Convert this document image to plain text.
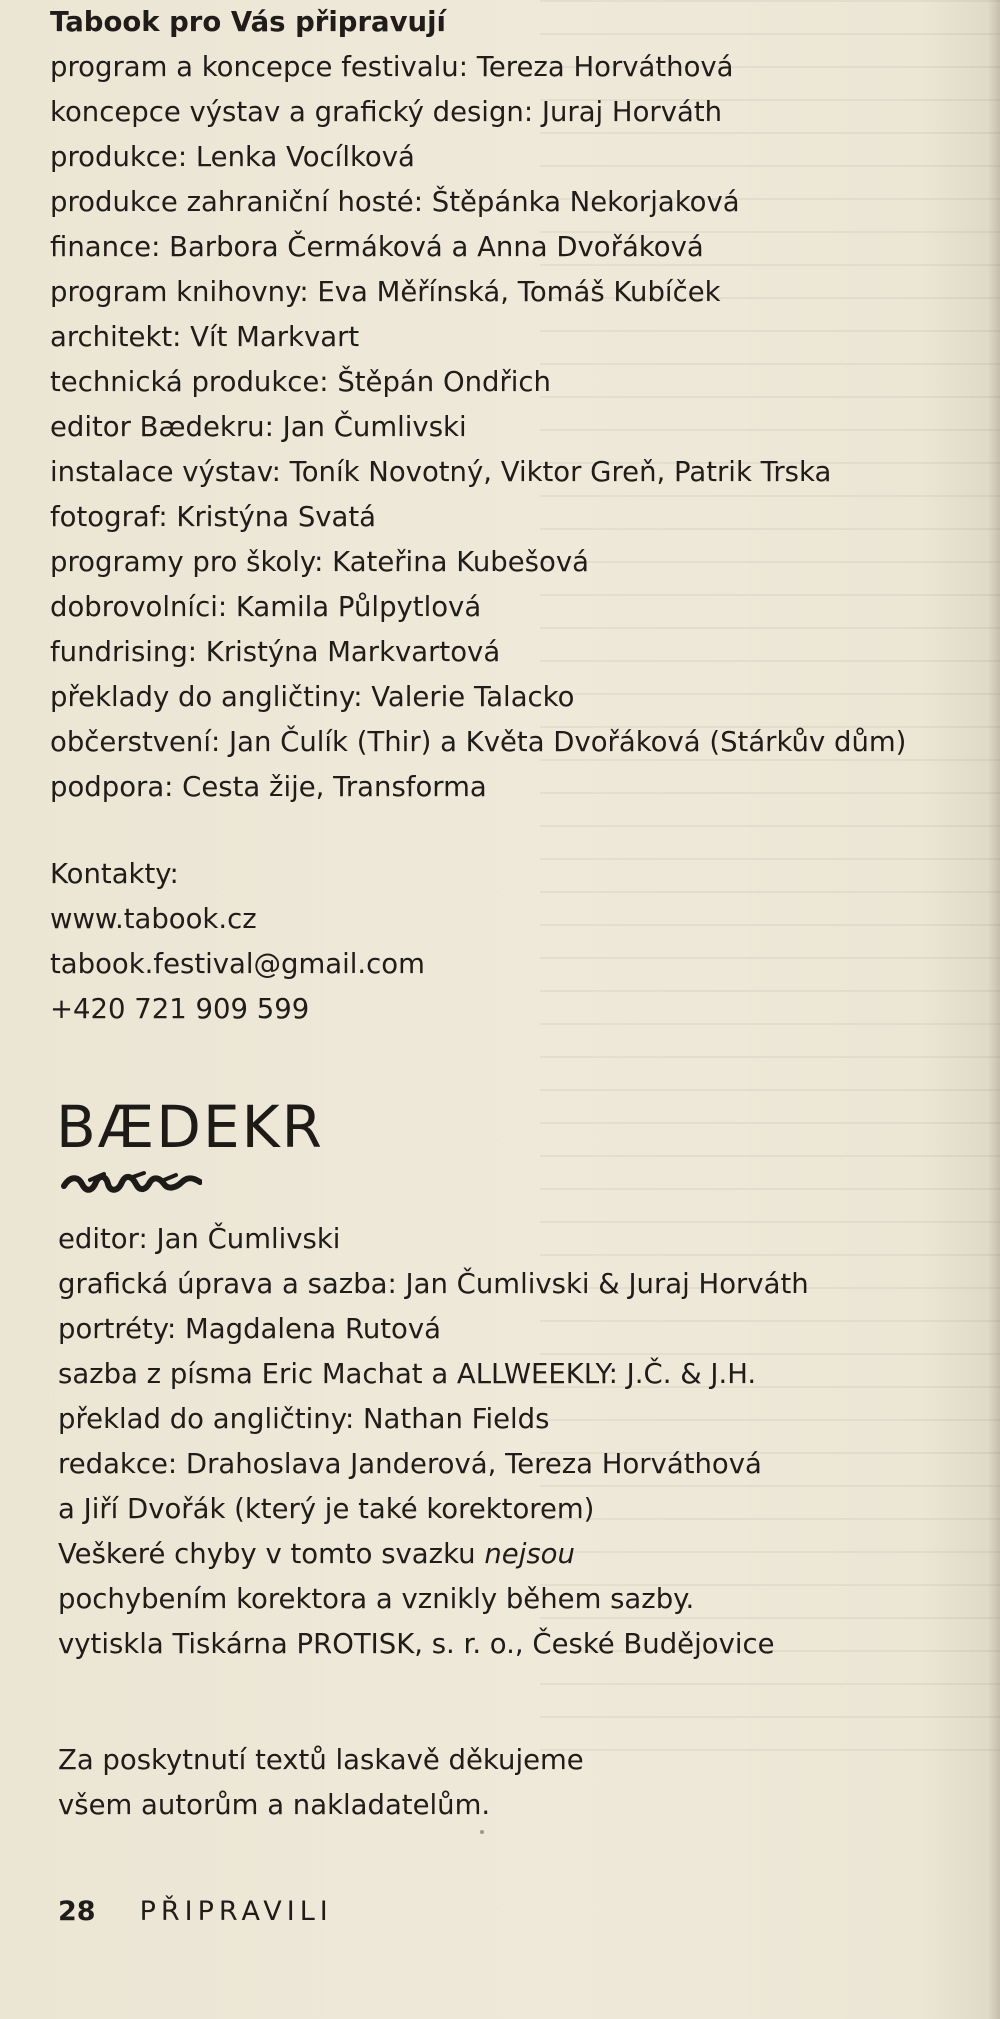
Tabook pro Vás připravují
program a koncepce festivalu: Tereza Horváthová
koncepce výstav a grafický design: Juraj Horváth
produkce: Lenka Vocílková
produkce zahraniční hosté: Štěpánka Nekorjaková
finance: Barbora Čermáková a Anna Dvořáková
program knihovny: Eva Měřínská, Tomáš Kubíček
architekt: Vít Markvart
technická produkce: Štěpán Ondřich
editor Bædekru: Jan Čumlivski
instalace výstav: Toník Novotný, Viktor Greň, Patrik Trska
fotograf: Kristýna Svatá
programy pro školy: Kateřina Kubešová
dobrovolníci: Kamila Půlpytlová
fundrising: Kristýna Markvartová
překlady do angličtiny: Valerie Talacko
občerstvení: Jan Čulík (Thir) a Květa Dvořáková (Stárkův dům)
podpora: Cesta žije, Transforma
Kontakty:
www.tabook.cz
tabook.festival@gmail.com
+420 721 909 599
BÆDEKR
editor: Jan Čumlivski
grafická úprava a sazba: Jan Čumlivski & Juraj Horváth
portréty: Magdalena Rutová
sazba z písma Eric Machat a ALLWEEKLY: J.Č. & J.H.
překlad do angličtiny: Nathan Fields
redakce: Drahoslava Janderová, Tereza Horváthová
a Jiří Dvořák (který je také korektorem)
Veškeré chyby v tomto svazku nejsou
pochybením korektora a vznikly během sazby.
vytiskla Tiskárna PROTISK, s. r. o., České Budějovice
Za poskytnutí textů laskavě děkujeme
všem autorům a nakladatelům.
28 PŘIPRAVILI
